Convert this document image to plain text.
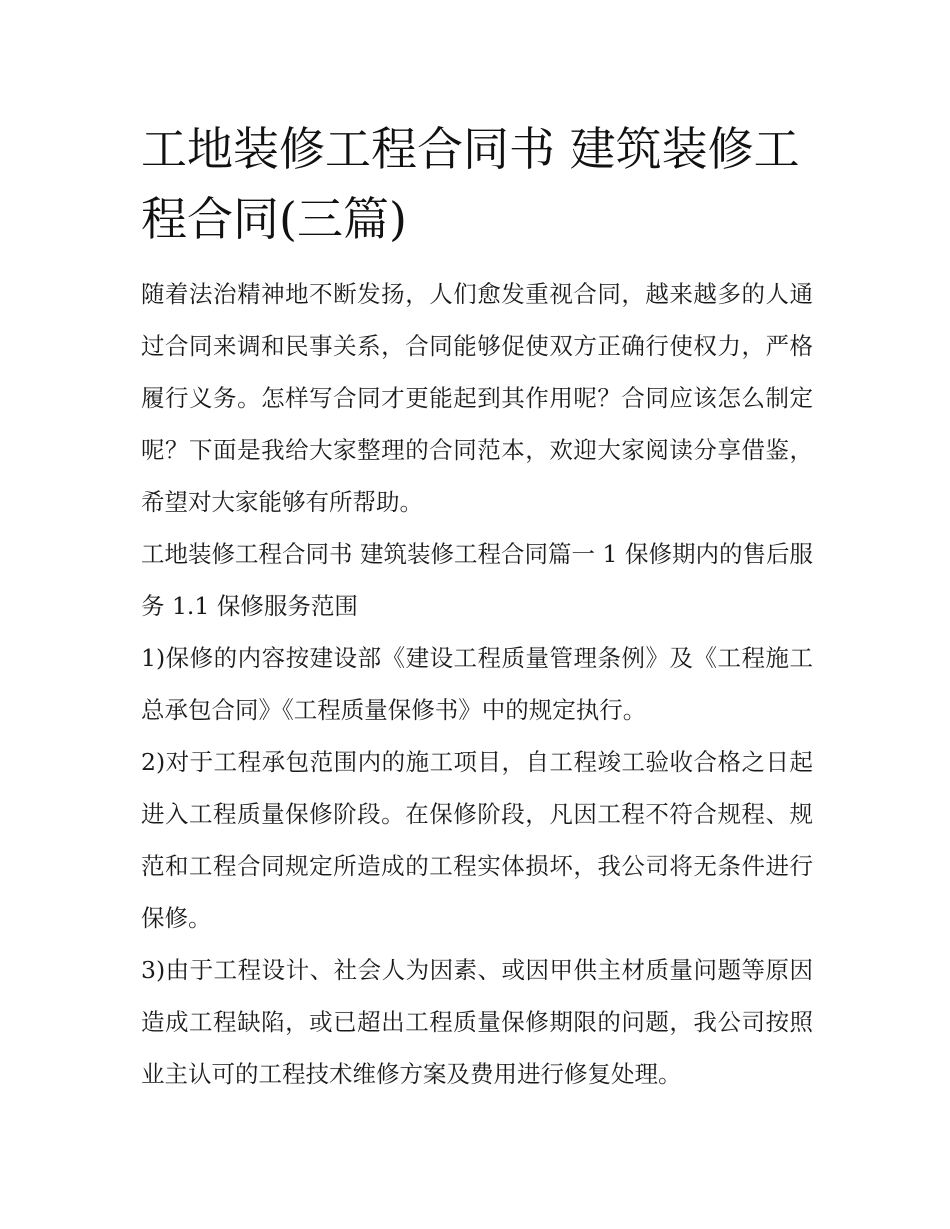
工地装修工程合同书 建筑装修工程合同(三篇)

随着法治精神地不断发扬，人们愈发重视合同，越来越多的人通过合同来调和民事关系，合同能够促使双方正确行使权力，严格履行义务。怎样写合同才更能起到其作用呢？合同应该怎么制定呢？下面是我给大家整理的合同范本，欢迎大家阅读分享借鉴，希望对大家能够有所帮助。

工地装修工程合同书 建筑装修工程合同篇一 1 保修期内的售后服务 1.1 保修服务范围

1)保修的内容按建设部《建设工程质量管理条例》及《工程施工总承包合同》《工程质量保修书》中的规定执行。

2)对于工程承包范围内的施工项目，自工程竣工验收合格之日起进入工程质量保修阶段。在保修阶段，凡因工程不符合规程、规范和工程合同规定所造成的工程实体损坏，我公司将无条件进行保修。

3)由于工程设计、社会人为因素、或因甲供主材质量问题等原因造成工程缺陷，或已超出工程质量保修期限的问题，我公司按照业主认可的工程技术维修方案及费用进行修复处理。
